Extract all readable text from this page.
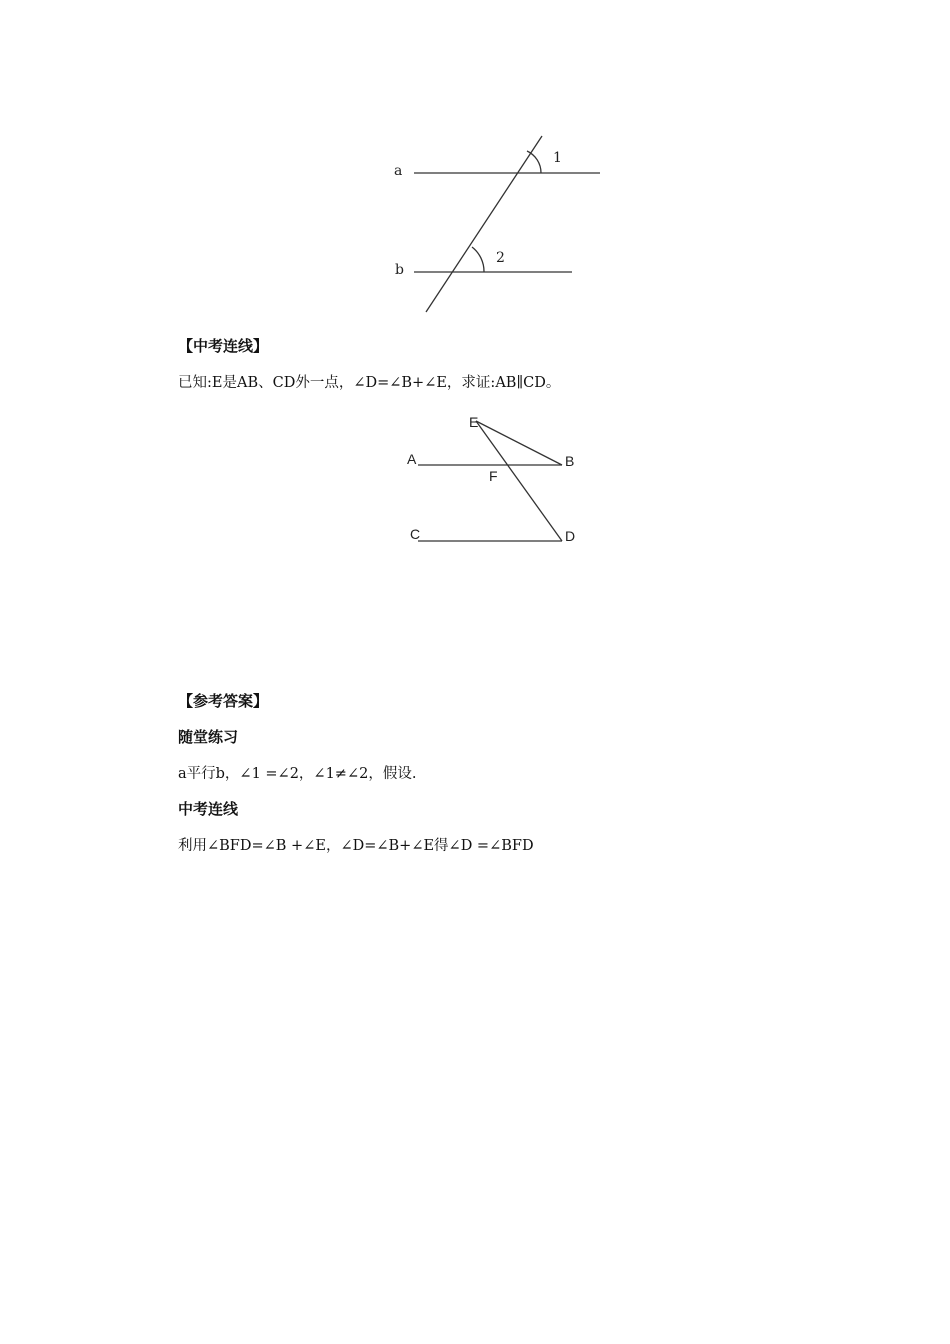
a
b
1
2
【中考连线】
已知:E是AB、CD外一点，∠D=∠B+∠E，求证:AB∥CD。
E
A	B
F
C	D
【参考答案】
随堂练习
a平行b，∠1 =∠2，∠1≠∠2，假设.
中考连线
利用∠BFD=∠B +∠E，∠D=∠B+∠E得∠D =∠BFD
